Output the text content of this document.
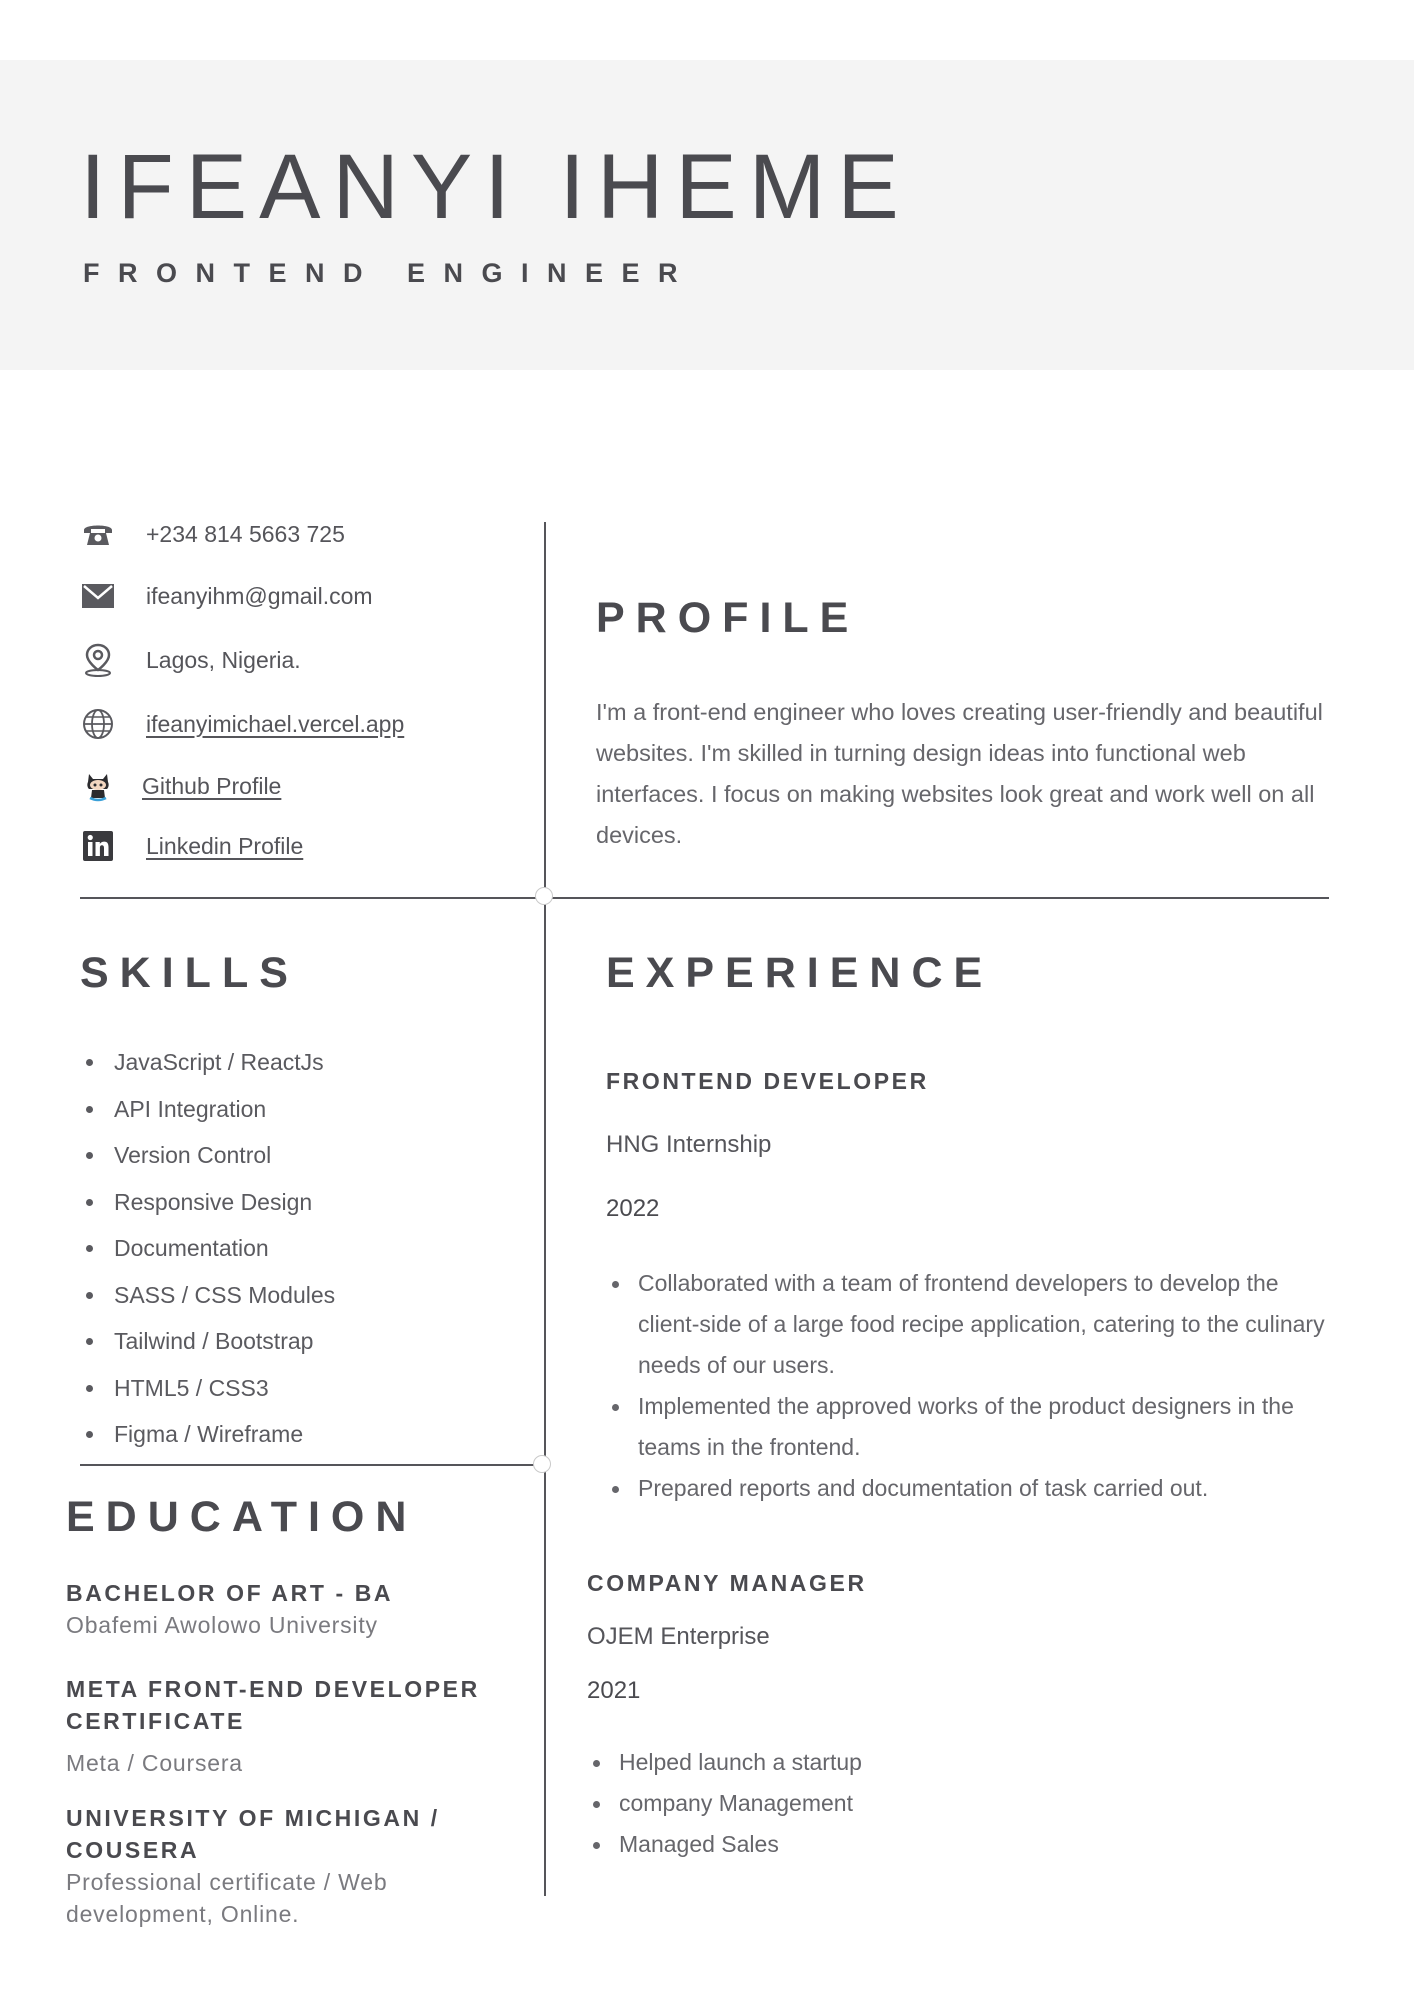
IFEANYI IHEME
FRONTEND ENGINEER
+234 814 5663 725
ifeanyihm@gmail.com
Lagos, Nigeria.
ifeanyimichael.vercel.app
Github Profile
Linkedin Profile
PROFILE
I'm a front-end engineer who loves creating user-friendly and beautiful websites. I'm skilled in turning design ideas into functional web interfaces. I focus on making websites look great and work well on all devices.
SKILLS
JavaScript / ReactJs
API Integration
Version Control
Responsive Design
Documentation
SASS / CSS Modules
Tailwind / Bootstrap
HTML5 / CSS3
Figma / Wireframe
EXPERIENCE
FRONTEND DEVELOPER
HNG Internship
2022
Collaborated with a team of frontend developers to develop the client-side of a large food recipe application, catering to the culinary needs of our users.
Implemented the approved works of the product designers in the teams in the frontend.
Prepared reports and documentation of task carried out.
COMPANY MANAGER
OJEM Enterprise
2021
Helped launch a startup
company Management
Managed Sales
EDUCATION
BACHELOR OF ART - BA
Obafemi Awolowo University
META FRONT-END DEVELOPER CERTIFICATE
Meta / Coursera
UNIVERSITY OF MICHIGAN / COUSERA
Professional certificate / Web development, Online.
